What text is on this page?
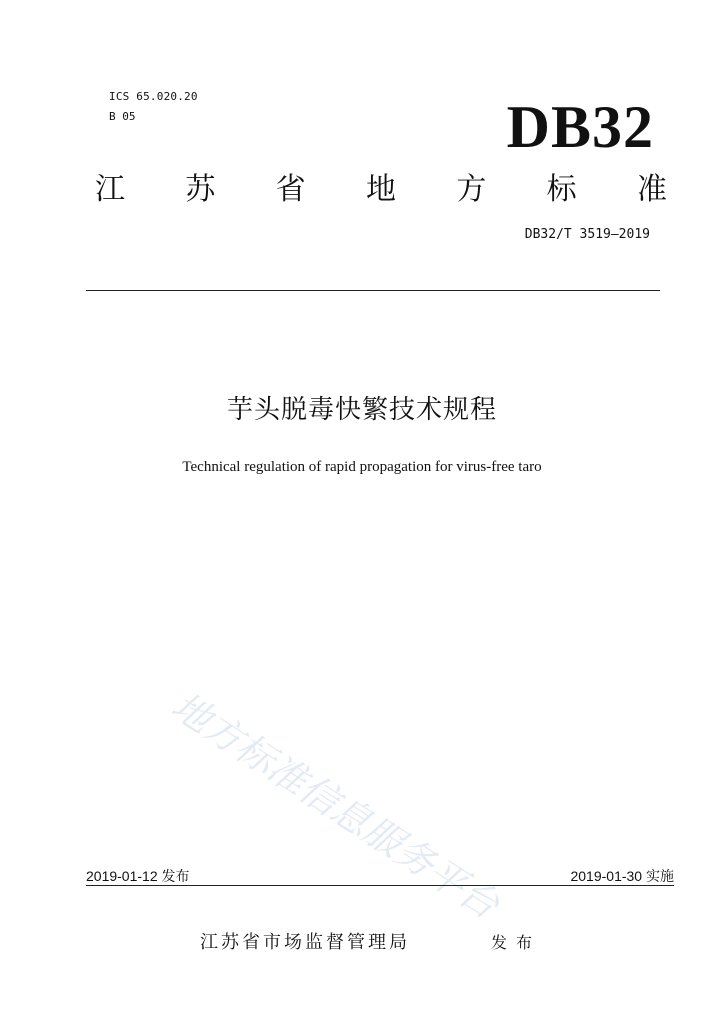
ICS 65.020.20
B 05	DB32
江 苏 省 地 方 标 准
DB32/T 3519—2019
芋头脱毒快繁技术规程
Technical regulation of rapid propagation for virus-free taro
地方标准信息服务平台
2019-01-12 发布	2019-01-30 实施
江苏省市场监督管理局	发布
